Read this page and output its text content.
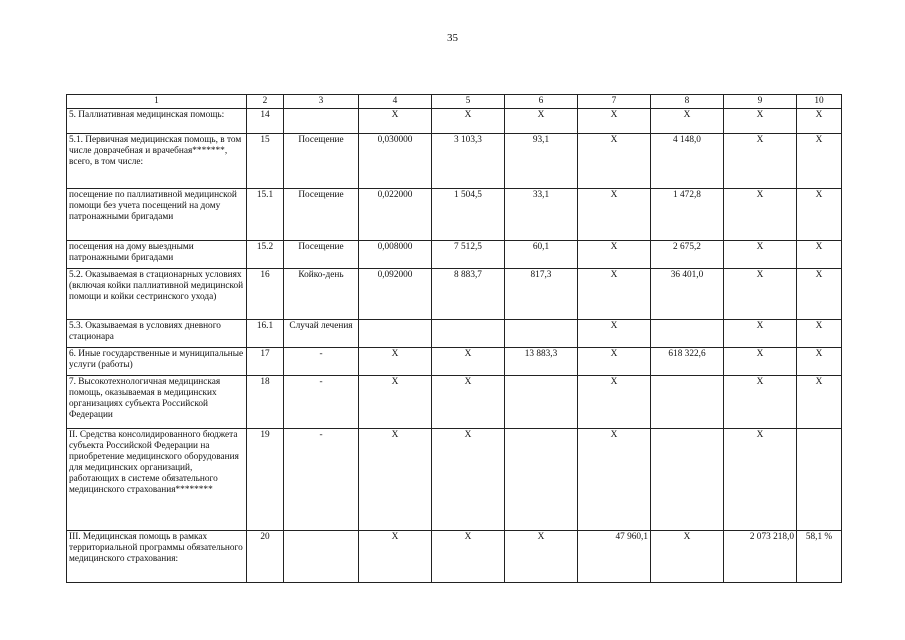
35
1	2	3	4	5	6	7	8	9	10
5. Паллиативная медицинская помощь:	14		Х	Х	Х	Х	Х	Х	Х
5.1. Первичная медицинская помощь, в том числе доврачебная и врачебная*******, всего, в том числе:	15	Посещение	0,030000	3 103,3	93,1	Х	4 148,0	Х	Х
посещение по паллиативной медицинской помощи без учета посещений на дому патронажными бригадами	15.1	Посещение	0,022000	1 504,5	33,1	Х	1 472,8	Х	Х
посещения на дому выездными патронажными бригадами	15.2	Посещение	0,008000	7 512,5	60,1	Х	2 675,2	Х	Х
5.2. Оказываемая в стационарных условиях (включая койки паллиативной медицинской помощи и койки сестринского ухода)	16	Койко-день	0,092000	8 883,7	817,3	Х	36 401,0	Х	Х
5.3. Оказываемая в условиях дневного стационара	16.1	Случай лечения				Х		Х	Х
6. Иные государственные и муниципальные услуги (работы)	17	-	Х	Х	13 883,3	Х	618 322,6	Х	Х
7. Высокотехнологичная медицинская помощь, оказываемая в медицинских организациях субъекта Российской Федерации	18	-	Х	Х		Х		Х	Х
II. Средства консолидированного бюджета субъекта Российской Федерации на приобретение медицинского оборудования для медицинских организаций, работающих в системе обязательного медицинского страхования********	19	-	Х	Х		Х		Х	
III. Медицинская помощь в рамках территориальной программы обязательного медицинского страхования:	20		Х	Х	Х	47 960,1	Х	2 073 218,0	58,1 %
